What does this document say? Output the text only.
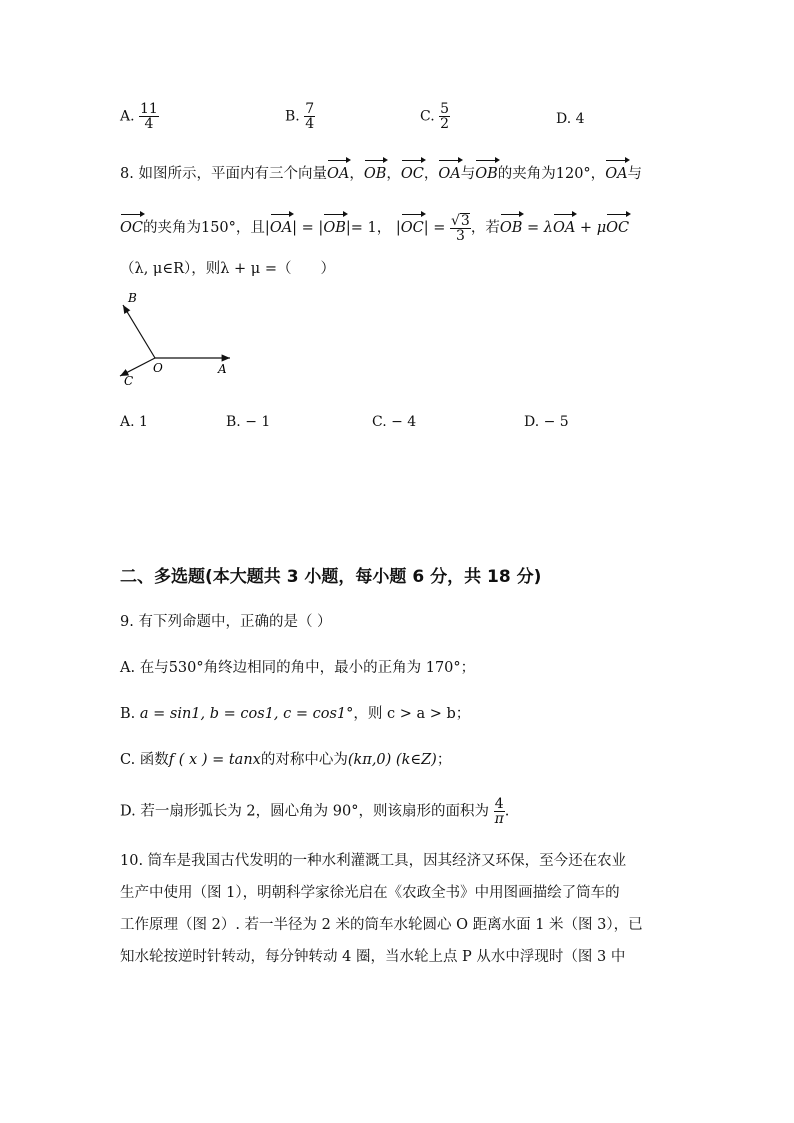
A. $\frac{11}{4}$	B. $\frac{7}{4}$	C. $\frac{5}{2}$	D. 4
8. 如图所示，平面内有三个向量OA，OB，OC，OA与OB的夹角为120°，OA与
OC的夹角为150°，且|OA| = |OB|= 1， $|OC| = \frac{√3}{3}$ ，若OB = λOA + μOC
（λ, μ∈R），则λ + μ =（　　）
B
O	A
C
A. 1	B. − 1	C. − 4	D. − 5
二、多选题(本大题共 3 小题，每小题 6 分，共 18 分)
9. 有下列命题中，正确的是（ ）
A. 在与530°角终边相同的角中，最小的正角为 170°；
B. a = sin1, b = cos1, c = cos1°，则 c > a > b；
C. 函数f ( x ) = tanx的对称中心为(kπ,0) (k∈Z)；
D. 若一扇形弧长为 2，圆心角为 90°，则该扇形的面积为 $\frac{4}{\pi}$ .
10. 筒车是我国古代发明的一种水利灌溉工具，因其经济又环保，至今还在农业
生产中使用（图 1），明朝科学家徐光启在《农政全书》中用图画描绘了筒车的
工作原理（图 2）. 若一半径为 2 米的筒车水轮圆心 O 距离水面 1 米（图 3），已
知水轮按逆时针转动，每分钟转动 4 圈，当水轮上点 P 从水中浮现时（图 3 中
